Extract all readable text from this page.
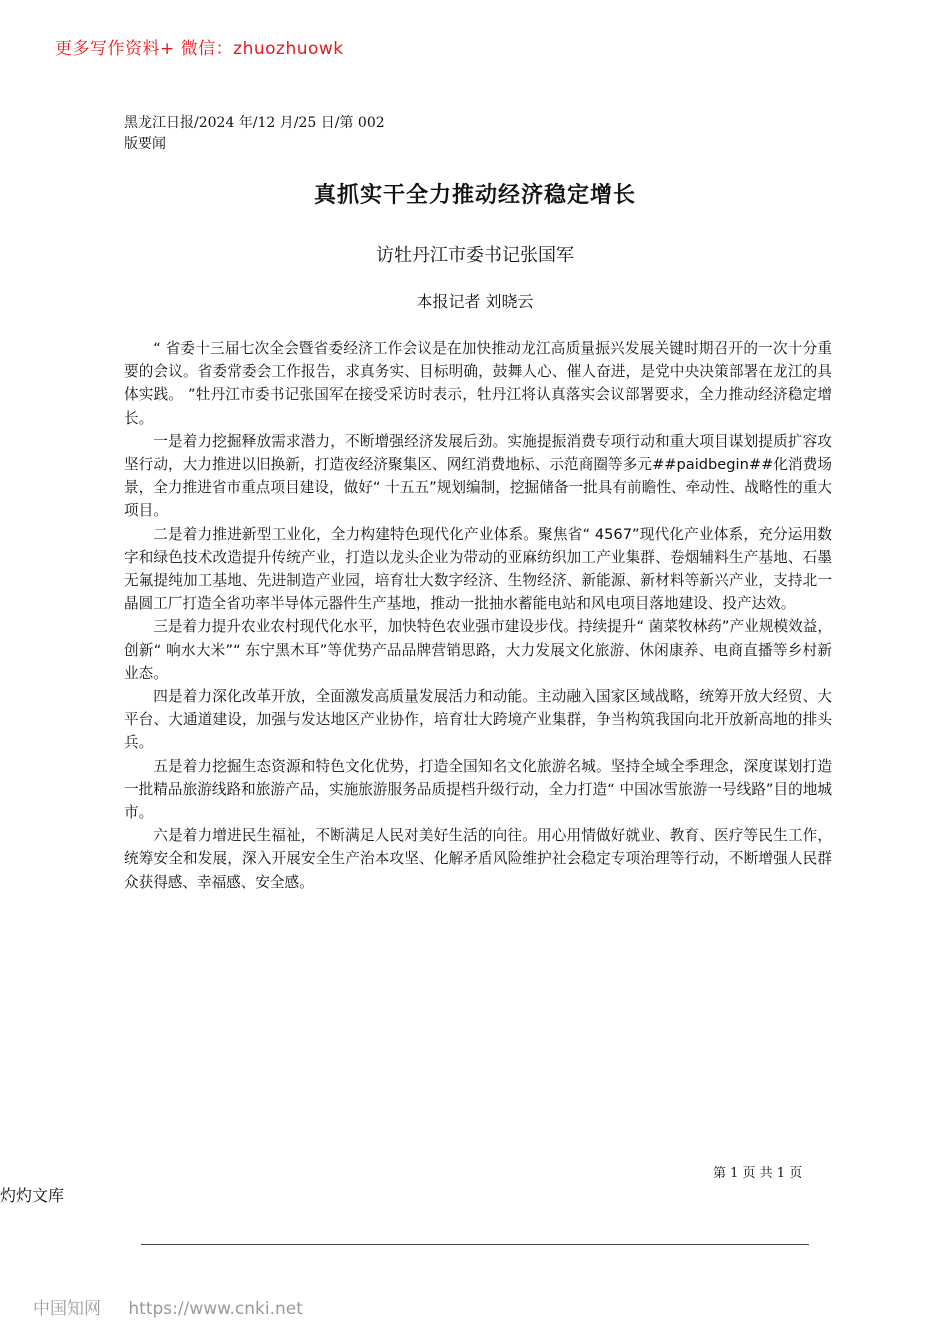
更多写作资料+ 微信：zhuozhuowk
黑龙江日报/2024 年/12 月/25 日/第 002
版要闻
真抓实干全力推动经济稳定增长
访牡丹江市委书记张国军
本报记者 刘晓云

“ 省委十三届七次全会暨省委经济工作会议是在加快推动龙江高质量振兴发展关键时期召开的一次十分重要的会议。省委常委会工作报告，求真务实、目标明确，鼓舞人心、催人奋进，是党中央决策部署在龙江的具体实践。 ”牡丹江市委书记张国军在接受采访时表示，牡丹江将认真落实会议部署要求，全力推动经济稳定增长。

一是着力挖掘释放需求潜力，不断增强经济发展后劲。实施提振消费专项行动和重大项目谋划提质扩容攻坚行动，大力推进以旧换新，打造夜经济聚集区、网红消费地标、示范商圈等多元##paidbegin##化消费场景，全力推进省市重点项目建设，做好“ 十五五”规划编制，挖掘储备一批具有前瞻性、牵动性、战略性的重大项目。

二是着力推进新型工业化，全力构建特色现代化产业体系。聚焦省“ 4567”现代化产业体系，充分运用数字和绿色技术改造提升传统产业，打造以龙头企业为带动的亚麻纺织加工产业集群、卷烟辅料生产基地、石墨无氟提纯加工基地、先进制造产业园，培育壮大数字经济、生物经济、新能源、新材料等新兴产业，支持北一晶圆工厂打造全省功率半导体元器件生产基地，推动一批抽水蓄能电站和风电项目落地建设、投产达效。

三是着力提升农业农村现代化水平，加快特色农业强市建设步伐。持续提升“ 菌菜牧林药”产业规模效益，创新“ 响水大米”“ 东宁黑木耳”等优势产品品牌营销思路，大力发展文化旅游、休闲康养、电商直播等乡村新业态。

四是着力深化改革开放，全面激发高质量发展活力和动能。主动融入国家区域战略，统筹开放大经贸、大平台、大通道建设，加强与发达地区产业协作，培育壮大跨境产业集群，争当构筑我国向北开放新高地的排头兵。

五是着力挖掘生态资源和特色文化优势，打造全国知名文化旅游名城。坚持全域全季理念，深度谋划打造一批精品旅游线路和旅游产品，实施旅游服务品质提档升级行动，全力打造“ 中国冰雪旅游一号线路”目的地城市。

六是着力增进民生福祉，不断满足人民对美好生活的向往。用心用情做好就业、教育、医疗等民生工作，统筹安全和发展，深入开展安全生产治本攻坚、化解矛盾风险维护社会稳定专项治理等行动，不断增强人民群众获得感、幸福感、安全感。

第 1 页 共 1 页
灼灼文库
中国知网 https://www.cnki.net
